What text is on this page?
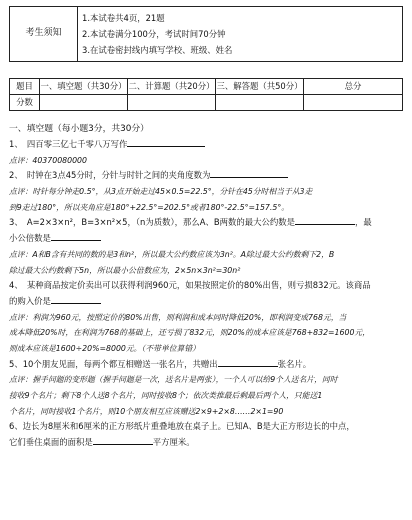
考生须知	
1.本试卷共4页，21题
2.本试卷满分100分，考试时间70分钟
3.在试卷密封线内填写学校、班级、姓名
题目	一、填空题（共30分）	二、计算题（共20分）	三、解答题（共50分）	总分
分数				
一、填空题（每小题3分，共30分）
1、　四百零三亿七千零八万写作
点评：40370080000
2、　时钟在3点45分时，分针与时针之间的夹角度数为
点评：时针每分钟走0.5°，从3点开始走过45×0.5=22.5°，分针在45分时相当于从3走
到9走过180°，所以夹角应是180°+22.5°=202.5°或者180°-22.5°=157.5°。
3、　A=2×3×n²，B=3×n²×5，（n为质数），那么A、B两数的最大公约数是	，最
小公倍数是
点评：A和B含有共同的数的是3和n²，所以最大公约数应该为3n²。A除过最大公约数剩下2，B
除过最大公约数剩下5n，所以最小公倍数应为，2×5n×3n²=30n²
4、　某种商品按定价卖出可以获得利润960元，如果按照定价的80%出售，则亏损832元。该商品
的购入价是
点评：利润为960元，按照定价的80%出售，则利润和成本同时降低20%，即利润变成768元，当
成本降低20%时，在利润为768的基础上，还亏损了832元，则20%的成本应该是768+832=1600元，
则成本应该是1600÷20%=8000元。（不带单位算错）
5、10个朋友见面，每两个都互相赠送一张名片，共赠出	张名片。
点评：握手问题的变形题（握手问题是一次，送名片是两张），一个人可以给9个人送名片，同时
接收9个名片；剩下8个人送8个名片，同时接收8个；依次类推最后剩最后两个人，只能送1
个名片，同时接收1个名片，则10个朋友相互应该赠送2×9+2×8……2×1=90
6、边长为8厘米和6厘米的正方形纸片重叠地放在桌子上。已知A、B是大正方形边长的中点，
它们垂住桌面的面积是	平方厘米。
